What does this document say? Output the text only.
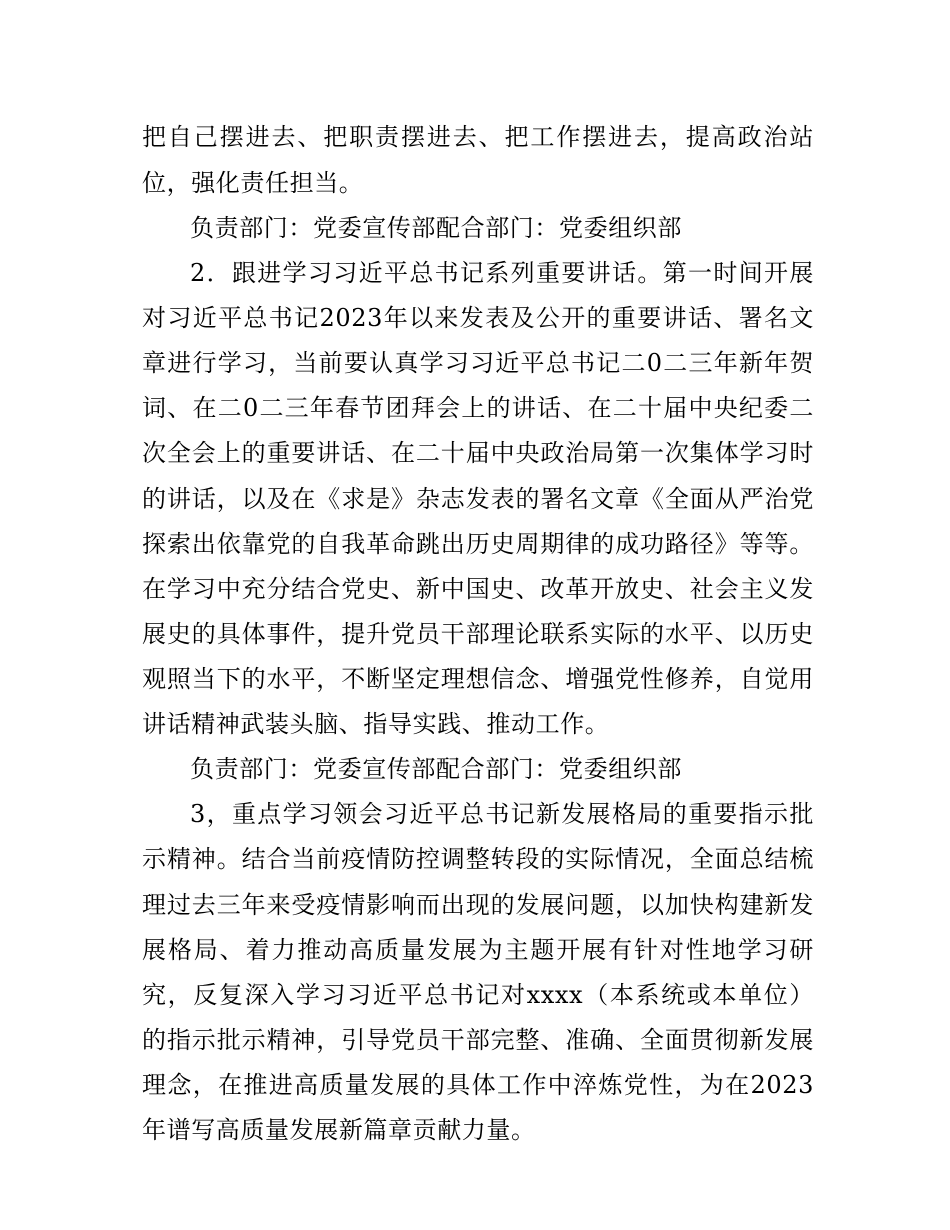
把自己摆进去、把职责摆进去、把工作摆进去，提高政治站
位，强化责任担当。
负责部门：党委宣传部配合部门：党委组织部
2．跟进学习习近平总书记系列重要讲话。第一时间开展
对习近平总书记2023年以来发表及公开的重要讲话、署名文
章进行学习，当前要认真学习习近平总书记二0二三年新年贺
词、在二0二三年春节团拜会上的讲话、在二十届中央纪委二
次全会上的重要讲话、在二十届中央政治局第一次集体学习时
的讲话，以及在《求是》杂志发表的署名文章《全面从严治党
探索出依靠党的自我革命跳出历史周期律的成功路径》等等。
在学习中充分结合党史、新中国史、改革开放史、社会主义发
展史的具体事件，提升党员干部理论联系实际的水平、以历史
观照当下的水平，不断坚定理想信念、增强党性修养，自觉用
讲话精神武装头脑、指导实践、推动工作。
负责部门：党委宣传部配合部门：党委组织部
3，重点学习领会习近平总书记新发展格局的重要指示批
示精神。结合当前疫情防控调整转段的实际情况，全面总结梳
理过去三年来受疫情影响而出现的发展问题，以加快构建新发
展格局、着力推动高质量发展为主题开展有针对性地学习研
究，反复深入学习习近平总书记对xxxx（本系统或本单位）
的指示批示精神，引导党员干部完整、准确、全面贯彻新发展
理念，在推进高质量发展的具体工作中淬炼党性，为在2023
年谱写高质量发展新篇章贡献力量。
